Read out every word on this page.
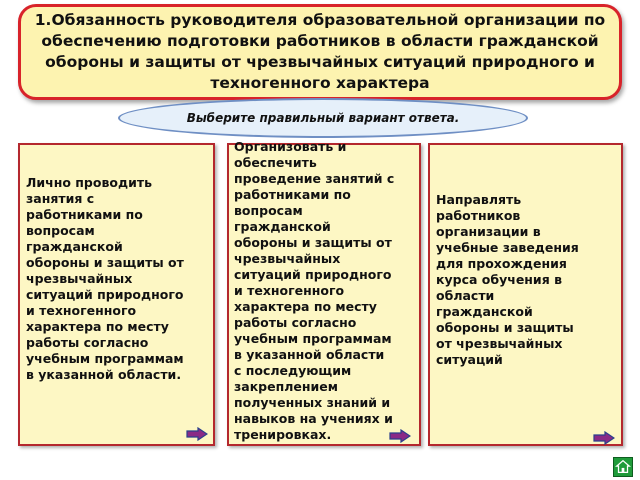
1.Обязанность руководителя образовательной организации по обеспечению подготовки работников в области гражданской обороны и защиты от чрезвычайных ситуаций природного и техногенного характера
Выберите правильный вариант ответа.
Лично проводить
занятия с
работниками по
вопросам
гражданской
обороны и защиты от
чрезвычайных
ситуаций природного
и техногенного
характера по месту
работы согласно
учебным программам
в указанной области.
Организовать и
обеспечить
проведение занятий с
работниками по
вопросам
гражданской
обороны и защиты от
чрезвычайных
ситуаций природного
и техногенного
характера по месту
работы согласно
учебным программам
в указанной области
с последующим
закреплением
полученных знаний и
навыков на учениях и
тренировках.
Направлять
работников
организации в
учебные заведения
для прохождения
курса обучения в
области
гражданской
обороны и защиты
от чрезвычайных
ситуаций
